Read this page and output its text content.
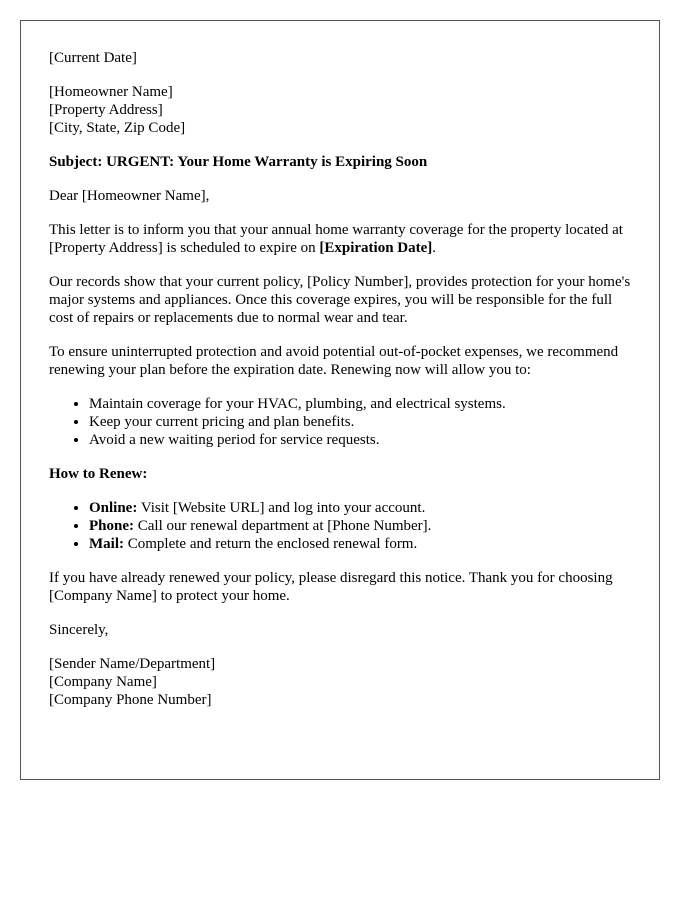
[Current Date]

[Homeowner Name]
[Property Address]
[City, State, Zip Code]

Subject: URGENT: Your Home Warranty is Expiring Soon

Dear [Homeowner Name],

This letter is to inform you that your annual home warranty coverage for the property located at [Property Address] is scheduled to expire on [Expiration Date].

Our records show that your current policy, [Policy Number], provides protection for your home's major systems and appliances. Once this coverage expires, you will be responsible for the full cost of repairs or replacements due to normal wear and tear.

To ensure uninterrupted protection and avoid potential out-of-pocket expenses, we recommend renewing your plan before the expiration date. Renewing now will allow you to:

• Maintain coverage for your HVAC, plumbing, and electrical systems.
• Keep your current pricing and plan benefits.
• Avoid a new waiting period for service requests.

How to Renew:

• Online: Visit [Website URL] and log into your account.
• Phone: Call our renewal department at [Phone Number].
• Mail: Complete and return the enclosed renewal form.

If you have already renewed your policy, please disregard this notice. Thank you for choosing [Company Name] to protect your home.

Sincerely,

[Sender Name/Department]
[Company Name]
[Company Phone Number]
